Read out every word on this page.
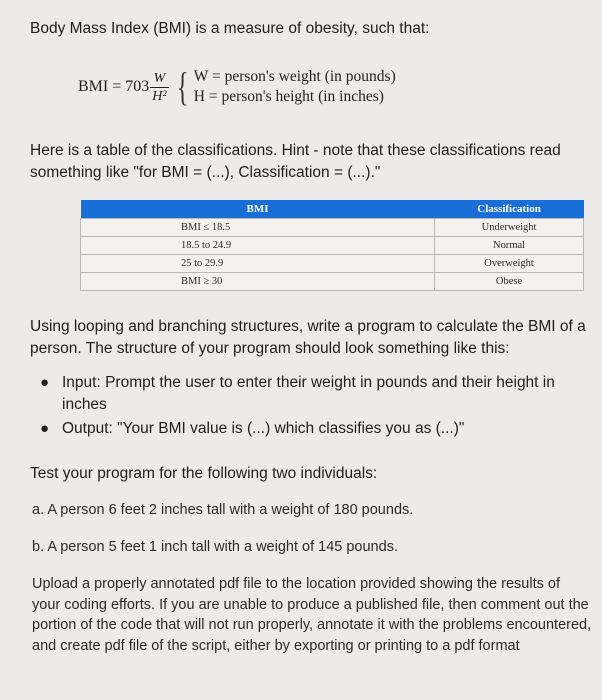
Body Mass Index (BMI) is a measure of obesity, such that:
BMI = $703 \frac{W}{\text{H²}}$ { W = person's weight (in pounds)
H = person's height (in inches)
Here is a table of the classifications. Hint - note that these classifications read something like "for BMI = (...), Classification = (...)."
BMI	Classification
BMI ≤ 18.5	Underweight
18.5 to 24.9	Normal
25 to 29.9	Overweight
BMI ≥ 30	Obese
Using looping and branching structures, write a program to calculate the BMI of a person. The structure of your program should look something like this:
● Input: Prompt the user to enter their weight in pounds and their height in inches
● Output: "Your BMI value is (...) which classifies you as (...)"
Test your program for the following two individuals:
a. A person 6 feet 2 inches tall with a weight of 180 pounds.
b. A person 5 feet 1 inch tall with a weight of 145 pounds.
Upload a properly annotated pdf file to the location provided showing the results of your coding efforts. If you are unable to produce a published file, then comment out the portion of the code that will not run properly, annotate it with the problems encountered, and create pdf file of the script, either by exporting or printing to a pdf format
